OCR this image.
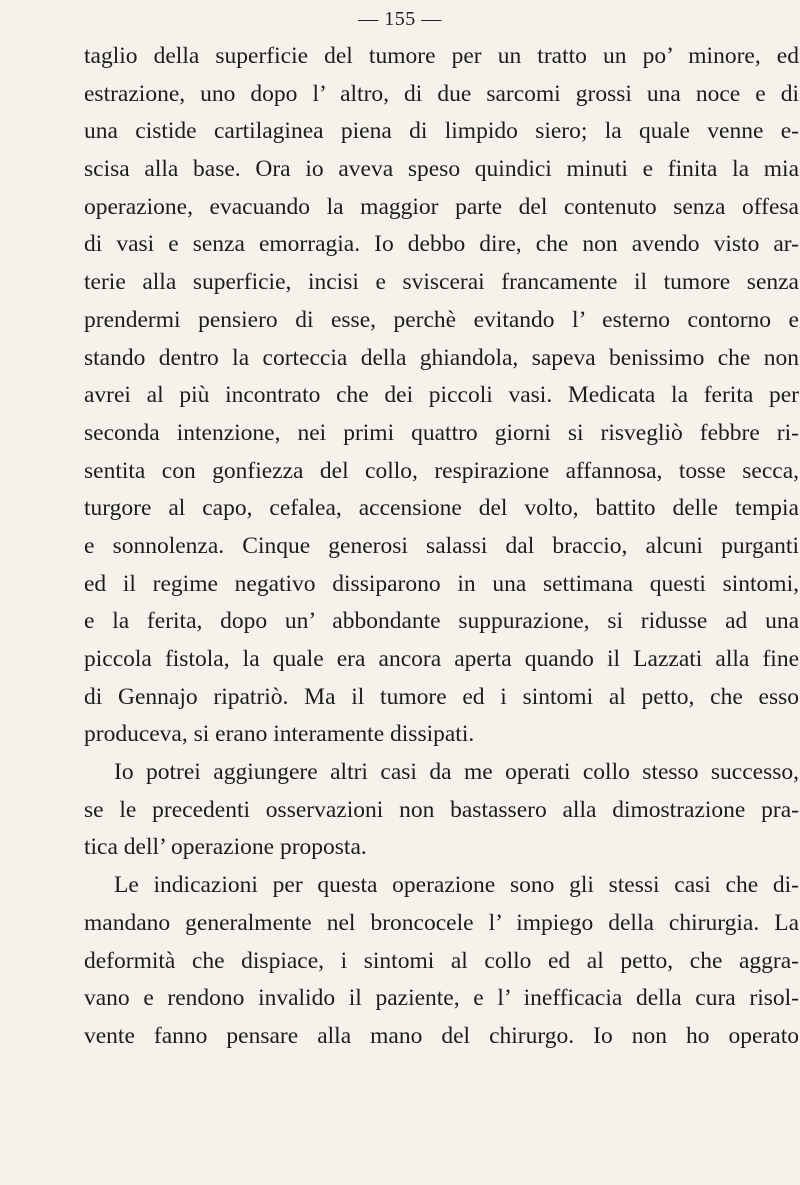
— 155 —
taglio della superficie del tumore per un tratto un po’ minore, ed
estrazione, uno dopo l’ altro, di due sarcomi grossi una noce e di
una cistide cartilaginea piena di limpido siero; la quale venne e-
scisa alla base. Ora io aveva speso quindici minuti e finita la mia
operazione, evacuando la maggior parte del contenuto senza offesa
di vasi e senza emorragia. Io debbo dire, che non avendo visto ar-
terie alla superficie, incisi e sviscerai francamente il tumore senza
prendermi pensiero di esse, perchè evitando l’ esterno contorno e
stando dentro la corteccia della ghiandola, sapeva benissimo che non
avrei al più incontrato che dei piccoli vasi. Medicata la ferita per
seconda intenzione, nei primi quattro giorni si risvegliò febbre ri-
sentita con gonfiezza del collo, respirazione affannosa, tosse secca,
turgore al capo, cefalea, accensione del volto, battito delle tempia
e sonnolenza. Cinque generosi salassi dal braccio, alcuni purganti
ed il regime negativo dissiparono in una settimana questi sintomi,
e la ferita, dopo un’ abbondante suppurazione, si ridusse ad una
piccola fistola, la quale era ancora aperta quando il Lazzati alla fine
di Gennajo ripatriò. Ma il tumore ed i sintomi al petto, che esso
produceva, si erano interamente dissipati.
Io potrei aggiungere altri casi da me operati collo stesso successo,
se le precedenti osservazioni non bastassero alla dimostrazione pra-
tica dell’ operazione proposta.
Le indicazioni per questa operazione sono gli stessi casi che di-
mandano generalmente nel broncocele l’ impiego della chirurgia. La
deformità che dispiace, i sintomi al collo ed al petto, che aggra-
vano e rendono invalido il paziente, e l’ inefficacia della cura risol-
vente fanno pensare alla mano del chirurgo. Io non ho operato
